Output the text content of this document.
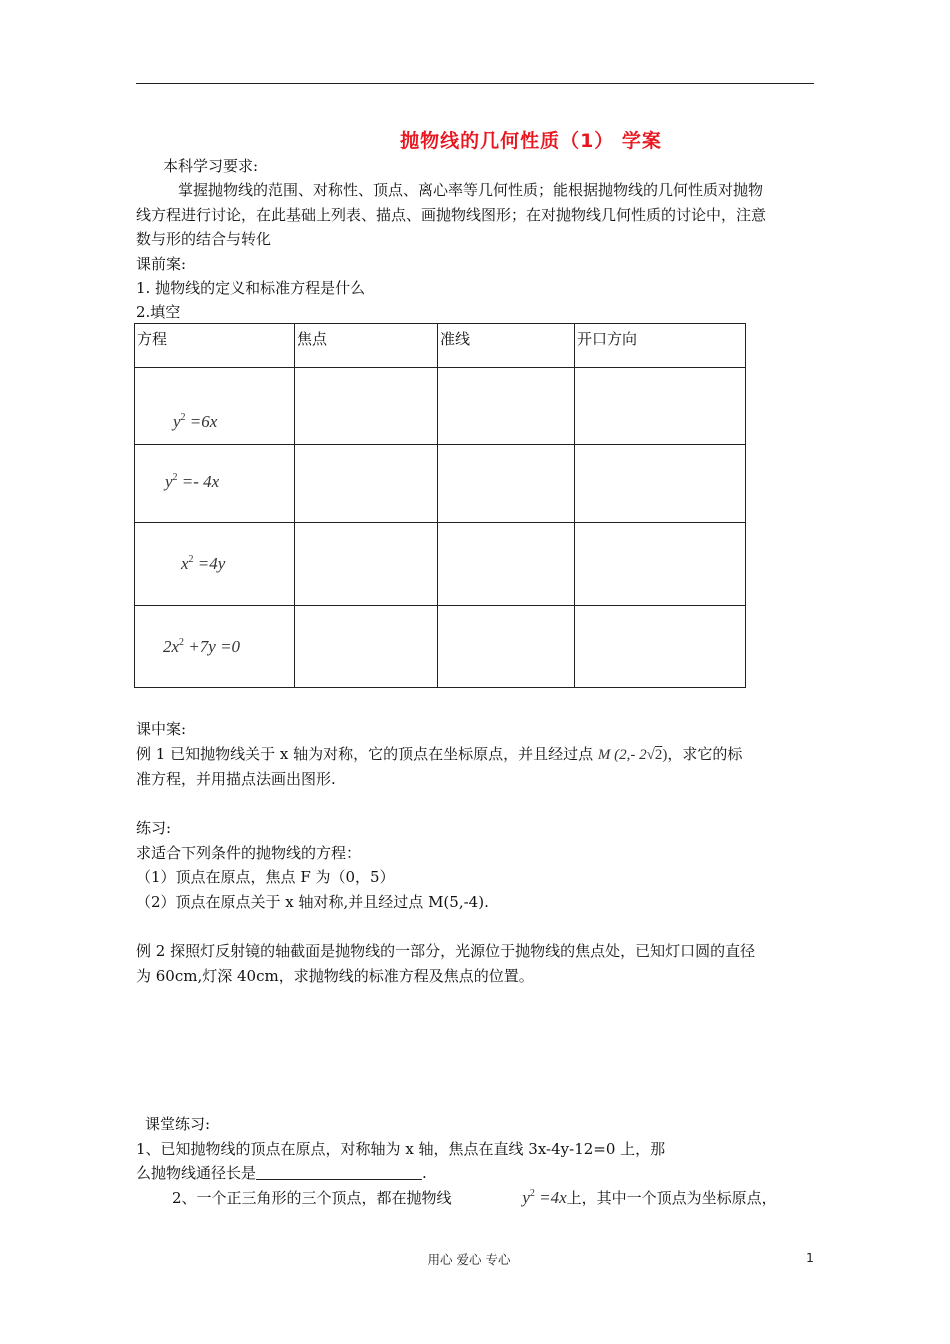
抛物线的几何性质（1） 学案
本科学习要求:
掌握抛物线的范围、对称性、顶点、离心率等几何性质；能根据抛物线的几何性质对抛物
线方程进行讨论，在此基础上列表、描点、画抛物线图形；在对抛物线几何性质的讨论中，注意
数与形的结合与转化
课前案:
1. 抛物线的定义和标准方程是什么
2.填空
方程	焦点	准线	开口方向

$y^2 =6x$			

$y^2 =- 4x$			

$x^2 =4y$			

$2x^2 +7y =0$			

课中案:
例 1 已知抛物线关于 x 轴为对称，它的顶点在坐标原点，并且经过点 M (2,- 2√2)，求它的标
准方程，并用描点法画出图形.
练习:
求适合下列条件的抛物线的方程：
（1）顶点在原点，焦点 F 为（0，5）
（2）顶点在原点关于 x 轴对称,并且经过点 M(5,-4).
例 2 探照灯反射镜的轴截面是抛物线的一部分，光源位于抛物线的焦点处，已知灯口圆的直径
为 60cm,灯深 40cm，求抛物线的标准方程及焦点的位置。
课堂练习:
1、已知抛物线的顶点在原点，对称轴为 x 轴，焦点在直线 3x-4y-12=0 上，那
么抛物线通径长是	.
2、一个正三角形的三个顶点，都在抛物线	$y^2 =4x$上，其中一个顶点为坐标原点，
用心 爱心 专心	1
